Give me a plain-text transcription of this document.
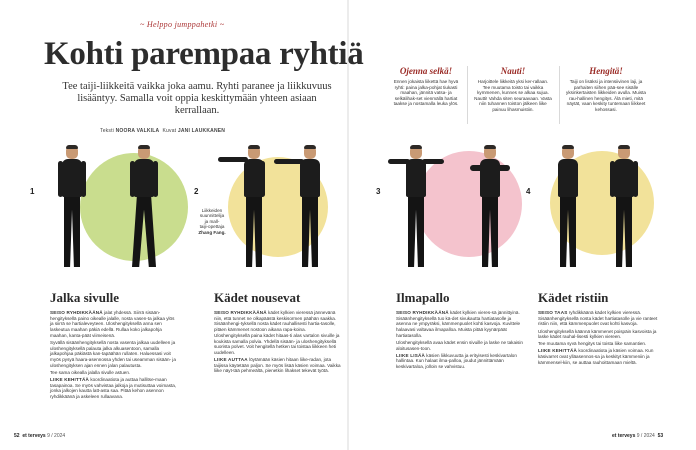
~ Helppo jumppahetki ~
Kohti parempaa ryhtiä

Tee taiji-liikkeitä vaikka joka aamu. Ryhti paranee ja liikkuvuus lisääntyy. Samalla voit oppia keskittymään yhteen asiaan kerrallaan.

Teksti NOORA VALKILA Kuvat JANI LAUKKANEN
Ojenna selkä!
Ennen jokaista liikettä hae hyvä ryhti: paina jalka-pohjat tiukasti maahan, jännitä vatsa- ja selkälihak-set vienmällä hartiat taakse ja nostamalla leuka ylös.
Nauti!
Harjoittele liikkeitä yksi ker-rallaan. Tee muutama toisto tai vaikka kymmenen, kunnes se alkaa sujua. Nautti! Vahda siten seuraavaan. Vasta niin tuhannen toiston jälkeen liike painuu lihasmuistiin.
Hengitä!
Taiji on lisäksi ja intensiivinen laji, ja parhaiten siihen pää-see sisälle yksinkertaisten liikkeiden avulla. Muista rau-hallinen hengitys. Älä mieti, mitä näytät, vaan keskity tuntemaan liikkeet kehossasi.
1	2
Liikkeiden suunnittelija
ja mall-
taiji-opettaja
Zhang Fang.
3	4
Jalka sivulle

SEISO RYHDIKKÄÄNÄ jalat yhdessä. Siirrä sisään-hengityksellä paino oikealle jalalle, nosta vasen-ta jalkaa ylös ja siirrä se hartialeveyteen. Uloshengityksellä anna sen laskeutua maahan päkiä edellä. Rullaa koko jalkapohja maahan, kanta-päät viimeisenä.

Syvällä sisäänhengityksellä nosta vasenta jalkaa uudelleen ja uloshengityksellä palauta jalka alkuasentoon, samalla jalkapohjaa päkiästä kan-tapäähän rullaten. Haluessasi voit myös pysyä haara-asennossa yhden tai useamman sisään- ja uloshengityksen ajan ennen jalan palautusta.

Tee sama oikealla jalalla sivulle astuen.

LIIKE KEHITTÄÄ koordinaatiota ja auttaa hallitse-maan tasapainoa. Se myös vahvistaa jalkoja ja mutisuttaa voimasta, jonka jalkojen kautta latt-asta saa. Pitää kehon asennon ryhdikkäänä ja askeleen rullaavana.

Kädet nousevat

SEISO RYHDIKKÄÄNÄ kädet kylkien vieressä jännevänä niin, että tunnet ne olkapäästä keskisormen päähän saakka. Sisäänhengi-tyksellä nosta kädet rauhallisesti hartia-tasolle, pitäen kämmenet nostoon aikana rapa-koina. Uloshengityksellä paina kädet hitaas-ti alas vartalon sivuille ja koukista samalla polvia. Yhdellä sisään- ja uloshengityksellä suorista polvet. Voit hengitellä hetken tai toistaa liikkeen heti uudelleen.

LIIKE AUTTAA löytämään käsien hitaan liike-radan, jota taijissa käytetään paljon. Se myös lisää käsien voimaa. Vaikka liike näyt-tää pehmeältä, pienetkin lihakset tekevät työtä.

Ilmapallo

SEISO RYHDIKKÄÄNÄ kädet kylkien vieres-sä jännittyinä. Sisäänhengityksellä tuo kä-det sivukautta hartiatasolle ja asenna ne ympyräksi, kämmenpuolet kohti kasvoja. Kuvittele halaavasi valtavaa ilmapalloa. Muista pitää kyynärpäät hartiatasolla.

Uloshengityksellä avaa kädet ensin sivuille ja laske ne takaisin aloitusasen-toon.

LIIKE LISÄÄ käsien liikkuvuutta ja erityisesti keskivartalon hallintaa. Kun halaat ilma-palloa, joudut jännittämään keskivartaloa, jolloin se vahvistuu.

Kädet ristiin

SEISO TAAS ryhdikkäänä kädet kylkien vieressä. Sisäänhengityksellä nosta kädet hartiatasolle ja vie ranteet ristiin niin, että kämmenpuolet ovat kohti kasvoja.

Uloshengityksellä käännä kämmenet poispäin kasvoista ja laske kädet rauhal-lisesti kylkien viereen.

Tee muutama syvä hengitys tai toista liike samantien.

LIIKE KEHITTÄÄ koordinaatiota ja käsien voimaa. Kun käsivarret ovat ylläasennos-sa ja keskityt kämmeniin ja kämmensel-kiin, se auttaa rauhoittamaan mieltä.

52 et terveys 9 / 2024	et terveys 9 / 2024 53
